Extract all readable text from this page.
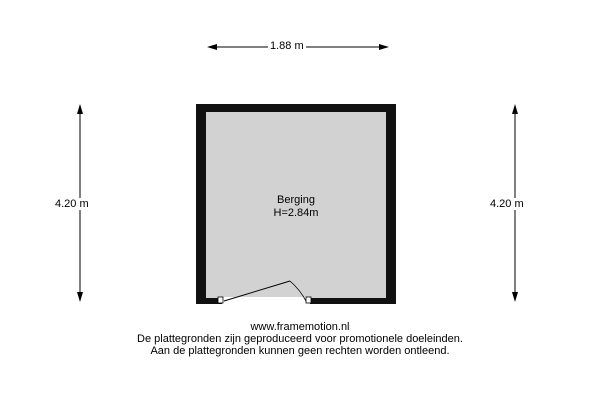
1.88 m
4.20 m	4.20 m
Berging
H=2.84m
www.framemotion.nl
De plattegronden zijn geproduceerd voor promotionele doeleinden.
Aan de plattegronden kunnen geen rechten worden ontleend.
